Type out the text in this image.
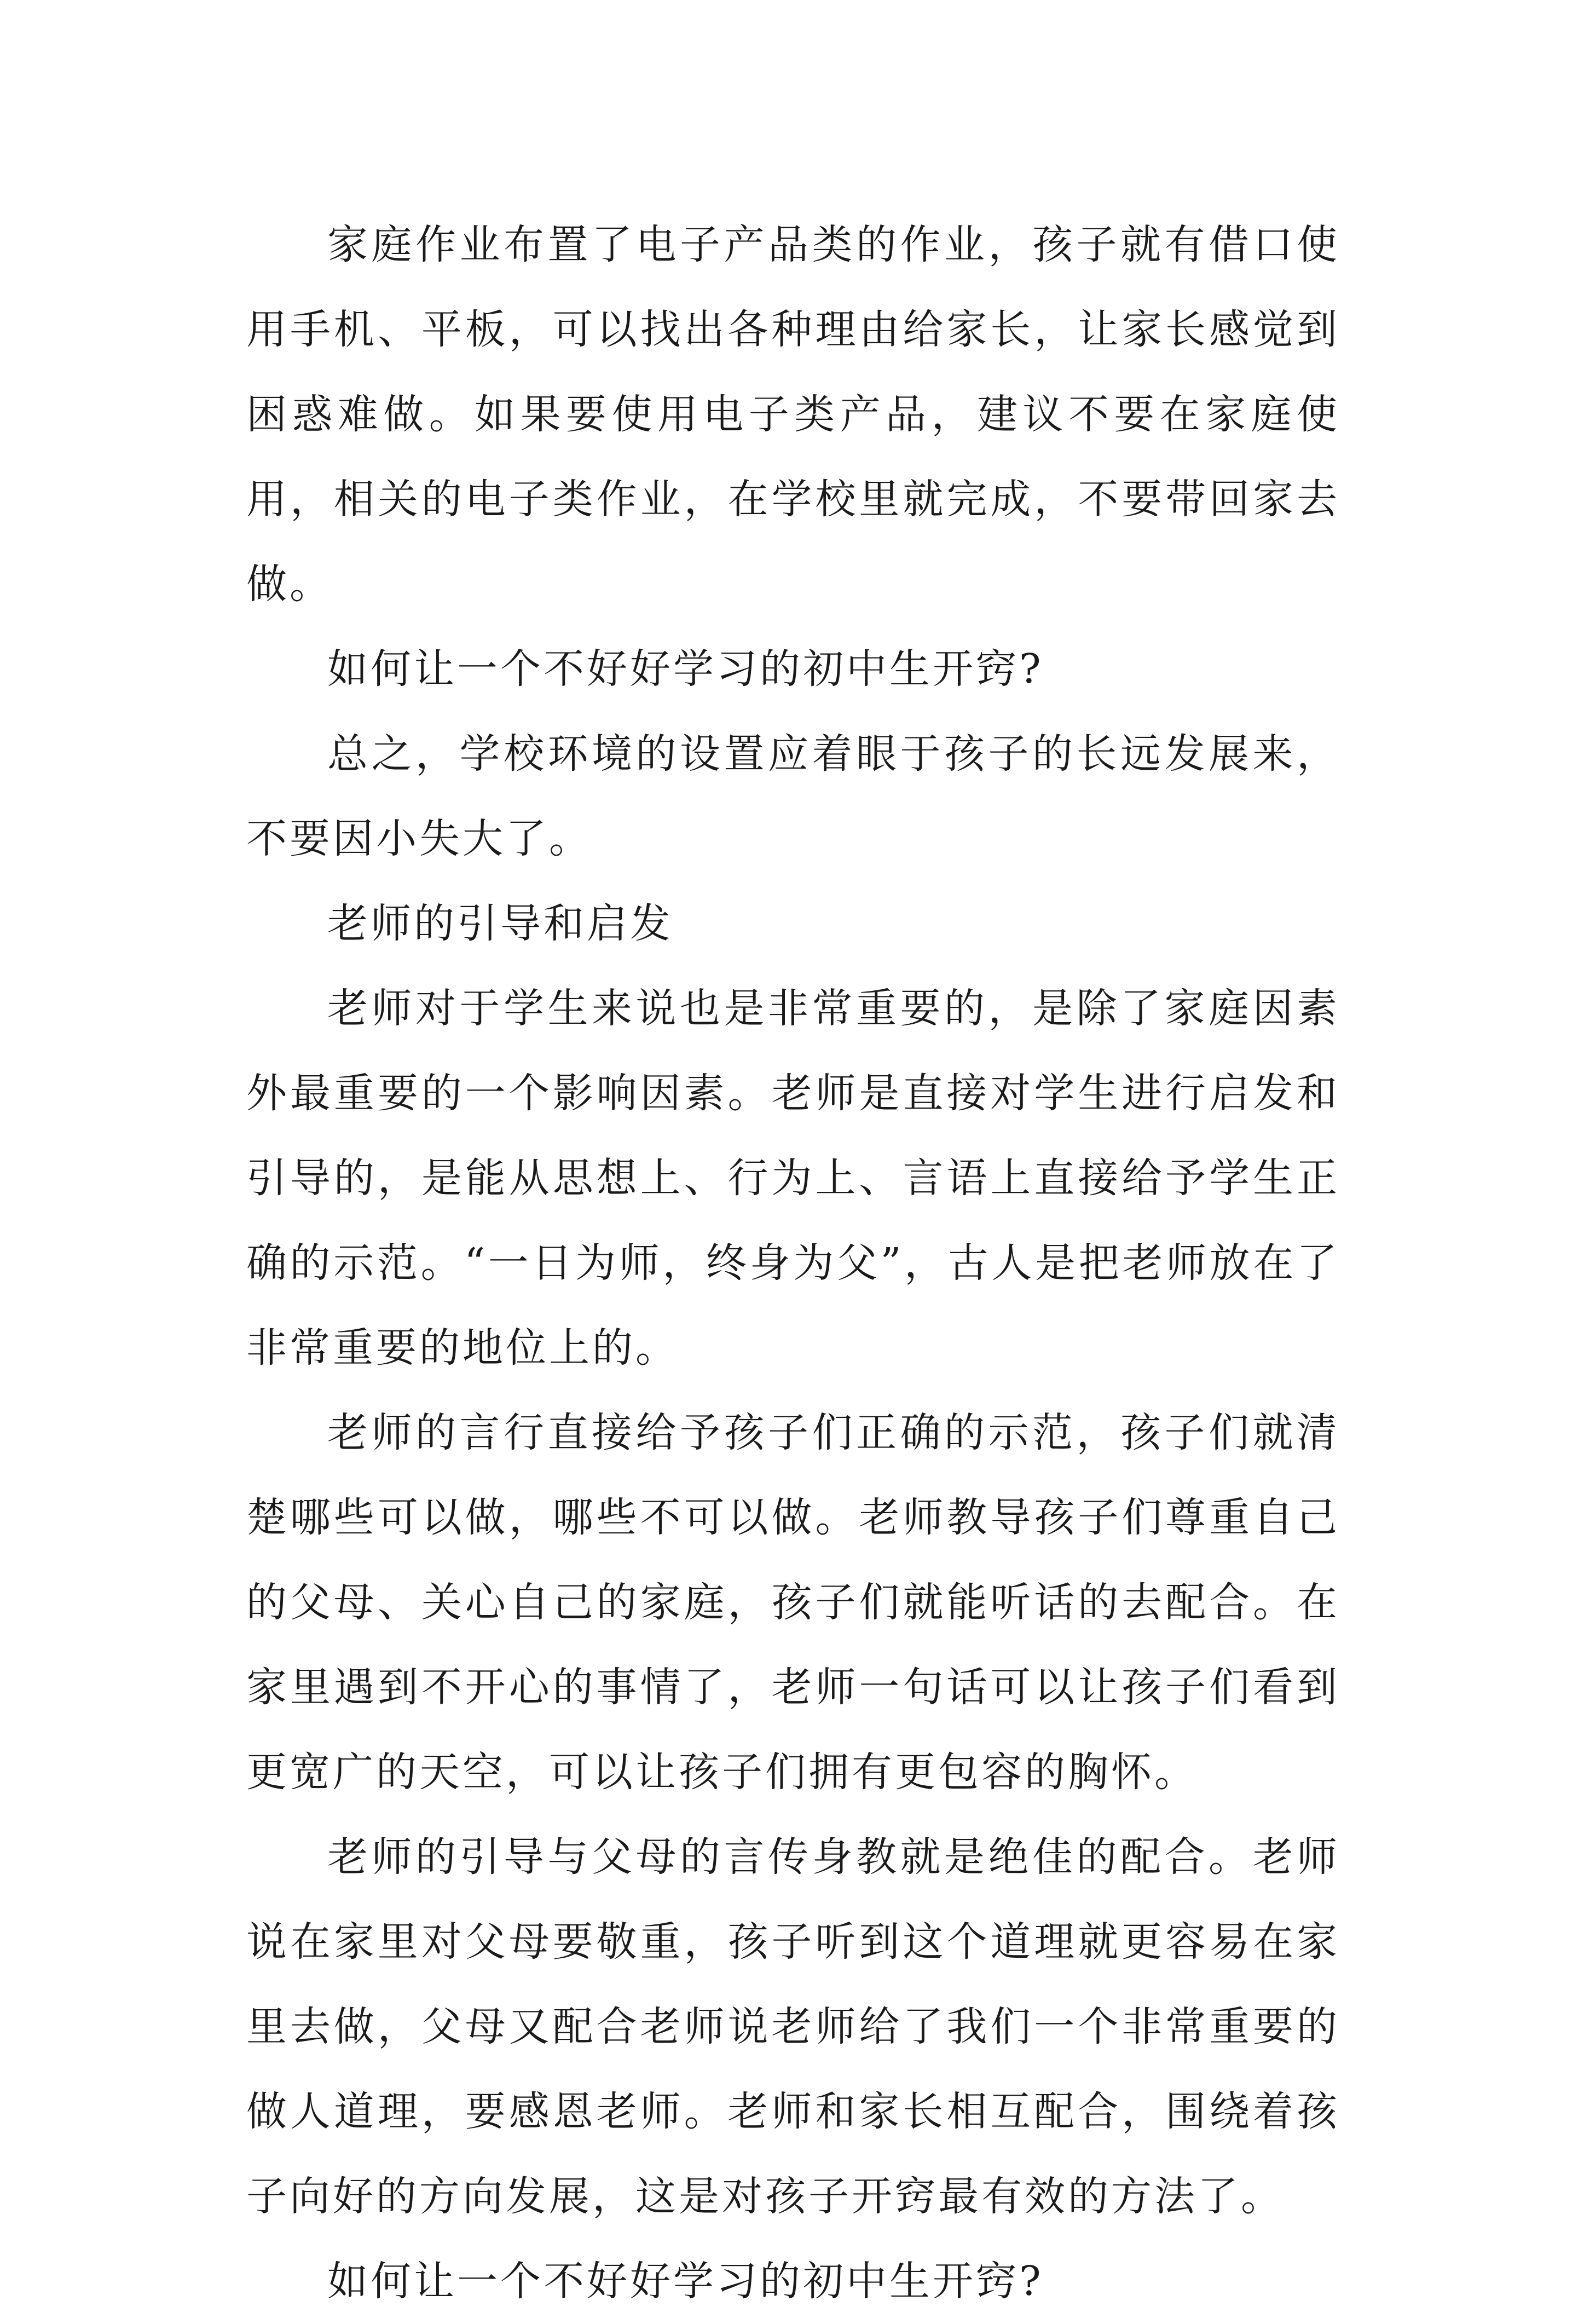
家庭作业布置了电子产品类的作业，孩子就有借口使用手机、平板，可以找出各种理由给家长，让家长感觉到困惑难做。如果要使用电子类产品，建议不要在家庭使用，相关的电子类作业，在学校里就完成，不要带回家去做。

如何让一个不好好学习的初中生开窍?

总之，学校环境的设置应着眼于孩子的长远发展来，不要因小失大了。

老师的引导和启发

老师对于学生来说也是非常重要的，是除了家庭因素外最重要的一个影响因素。老师是直接对学生进行启发和引导的，是能从思想上、行为上、言语上直接给予学生正确的示范。“一日为师，终身为父”，古人是把老师放在了非常重要的地位上的。

老师的言行直接给予孩子们正确的示范，孩子们就清楚哪些可以做，哪些不可以做。老师教导孩子们尊重自己的父母、关心自己的家庭，孩子们就能听话的去配合。在家里遇到不开心的事情了，老师一句话可以让孩子们看到更宽广的天空，可以让孩子们拥有更包容的胸怀。

老师的引导与父母的言传身教就是绝佳的配合。老师说在家里对父母要敬重，孩子听到这个道理就更容易在家里去做，父母又配合老师说老师给了我们一个非常重要的做人道理，要感恩老师。老师和家长相互配合，围绕着孩子向好的方向发展，这是对孩子开窍最有效的方法了。

如何让一个不好好学习的初中生开窍?
